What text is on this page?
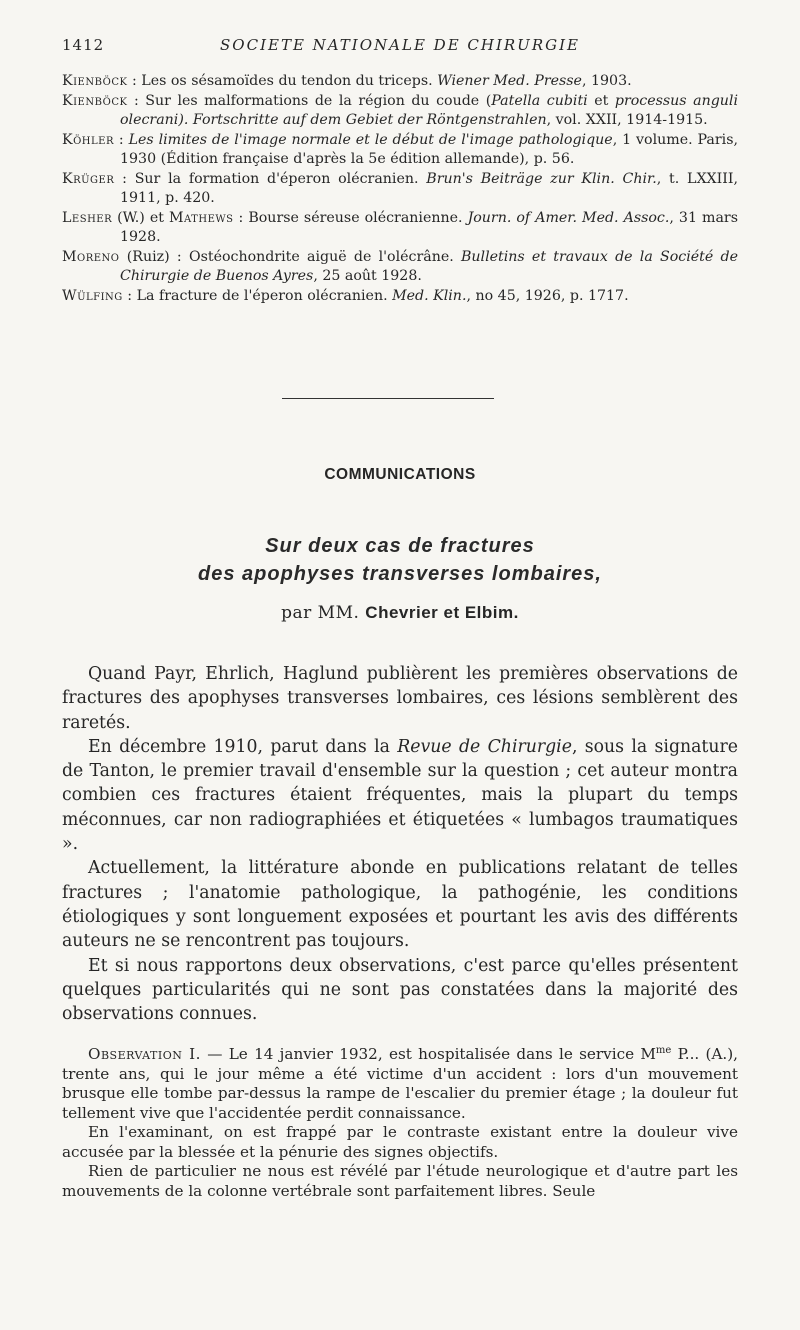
1412	SOCIETE NATIONALE DE CHIRURGIE
Kienböck : Les os sésamoïdes du tendon du triceps. Wiener Med. Presse, 1903.
Kienböck : Sur les malformations de la région du coude (Patella cubiti et processus anguli olecrani). Fortschritte auf dem Gebiet der Röntgenstrahlen, vol. XXII, 1914-1915.
Köhler : Les limites de l'image normale et le début de l'image pathologique, 1 volume. Paris, 1930 (Édition française d'après la 5e édition allemande), p. 56.
Krüger : Sur la formation d'éperon olécranien. Brun's Beiträge zur Klin. Chir., t. LXXIII, 1911, p. 420.
Lesher (W.) et Mathews : Bourse séreuse olécranienne. Journ. of Amer. Med. Assoc., 31 mars 1928.
Moreno (Ruiz) : Ostéochondrite aiguë de l'olécrâne. Bulletins et travaux de la Société de Chirurgie de Buenos Ayres, 25 août 1928.
Wülfing : La fracture de l'éperon olécranien. Med. Klin., no 45, 1926, p. 1717.
COMMUNICATIONS
Sur deux cas de fractures
des apophyses transverses lombaires,
par MM. Chevrier et Elbim.

Quand Payr, Ehrlich, Haglund publièrent les premières observations de fractures des apophyses transverses lombaires, ces lésions semblèrent des raretés.

En décembre 1910, parut dans la Revue de Chirurgie, sous la signature de Tanton, le premier travail d'ensemble sur la question ; cet auteur montra combien ces fractures étaient fréquentes, mais la plupart du temps méconnues, car non radiographiées et étiquetées « lumbagos traumatiques ».

Actuellement, la littérature abonde en publications relatant de telles fractures ; l'anatomie pathologique, la pathogénie, les conditions étiologiques y sont longuement exposées et pourtant les avis des différents auteurs ne se rencontrent pas toujours.

Et si nous rapportons deux observations, c'est parce qu'elles présentent quelques particularités qui ne sont pas constatées dans la majorité des observations connues.

Observation I. — Le 14 janvier 1932, est hospitalisée dans le service $M^{me}$ P... (A.), trente ans, qui le jour même a été victime d'un accident : lors d'un mouvement brusque elle tombe par-dessus la rampe de l'escalier du premier étage ; la douleur fut tellement vive que l'accidentée perdit connaissance.

En l'examinant, on est frappé par le contraste existant entre la douleur vive accusée par la blessée et la pénurie des signes objectifs.

Rien de particulier ne nous est révélé par l'étude neurologique et d'autre part les mouvements de la colonne vertébrale sont parfaitement libres. Seule
